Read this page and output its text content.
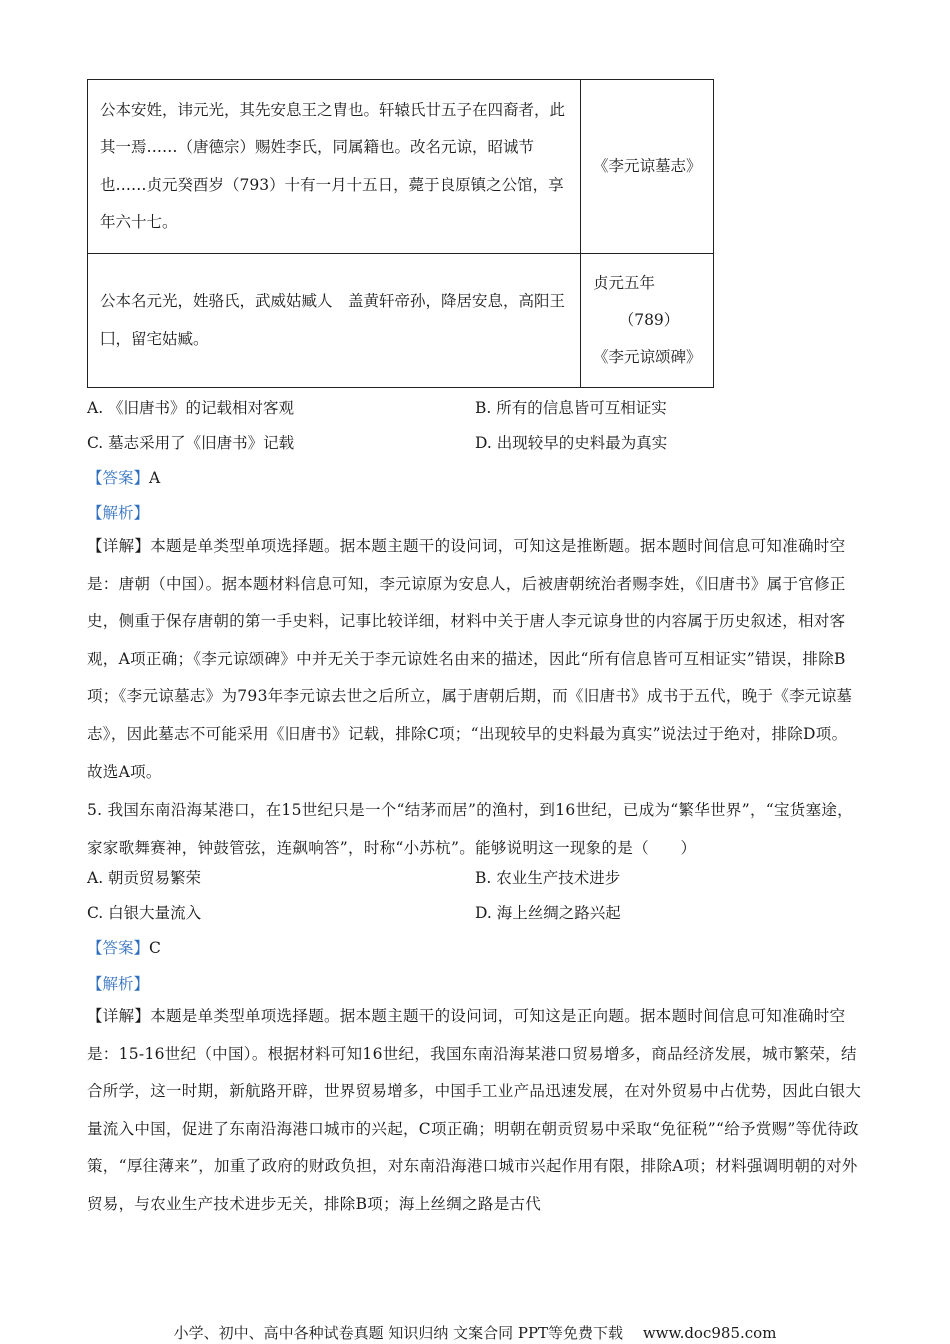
公本安姓，讳元光，其先安息王之胄也。轩辕氏廿五子在四裔者，此其一焉……（唐德宗）赐姓李氏，同属籍也。改名元谅，昭诚节也……贞元癸酉岁（793）十有一月十五日，薨于良原镇之公馆，享年六十七。	《李元谅墓志》
公本名元光，姓骆氏，武威姑臧人　盖黄轩帝孙，降居安息，高阳王囗，留宅姑臧。	贞元五年
（789）
《李元谅颂碑》
A. 《旧唐书》的记载相对客观	B. 所有的信息皆可互相证实
C. 墓志采用了《旧唐书》记载	D. 出现较早的史料最为真实
【答案】A
【解析】
【详解】本题是单类型单项选择题。据本题主题干的设问词，可知这是推断题。据本题时间信息可知准确时空是：唐朝（中国）。据本题材料信息可知，李元谅原为安息人，后被唐朝统治者赐李姓，《旧唐书》属于官修正史，侧重于保存唐朝的第一手史料，记事比较详细，材料中关于唐人李元谅身世的内容属于历史叙述，相对客观，A项正确；《李元谅颂碑》中并无关于李元谅姓名由来的描述，因此“所有信息皆可互相证实”错误，排除B项；《李元谅墓志》为793年李元谅去世之后所立，属于唐朝后期，而《旧唐书》成书于五代，晚于《李元谅墓志》，因此墓志不可能采用《旧唐书》记载，排除C项；“出现较早的史料最为真实”说法过于绝对，排除D项。故选A项。
5. 我国东南沿海某港口，在15世纪只是一个“结茅而居”的渔村，到16世纪，已成为“繁华世界”，“宝货塞途，家家歌舞赛神，钟鼓管弦，连飙响答”，时称“小苏杭”。能够说明这一现象的是（　　）
A. 朝贡贸易繁荣	B. 农业生产技术进步
C. 白银大量流入	D. 海上丝绸之路兴起
【答案】C
【解析】
【详解】本题是单类型单项选择题。据本题主题干的设问词，可知这是正向题。据本题时间信息可知准确时空是：15-16世纪（中国）。根据材料可知16世纪，我国东南沿海某港口贸易增多，商品经济发展，城市繁荣，结合所学，这一时期，新航路开辟，世界贸易增多，中国手工业产品迅速发展，在对外贸易中占优势，因此白银大量流入中国，促进了东南沿海港口城市的兴起，C项正确；明朝在朝贡贸易中采取“免征税”“给予赏赐”等优待政策，“厚往薄来”，加重了政府的财政负担，对东南沿海港口城市兴起作用有限，排除A项；材料强调明朝的对外贸易，与农业生产技术进步无关，排除B项；海上丝绸之路是古代
小学、初中、高中各种试卷真题 知识归纳 文案合同 PPT等免费下载　 www.doc985.com
